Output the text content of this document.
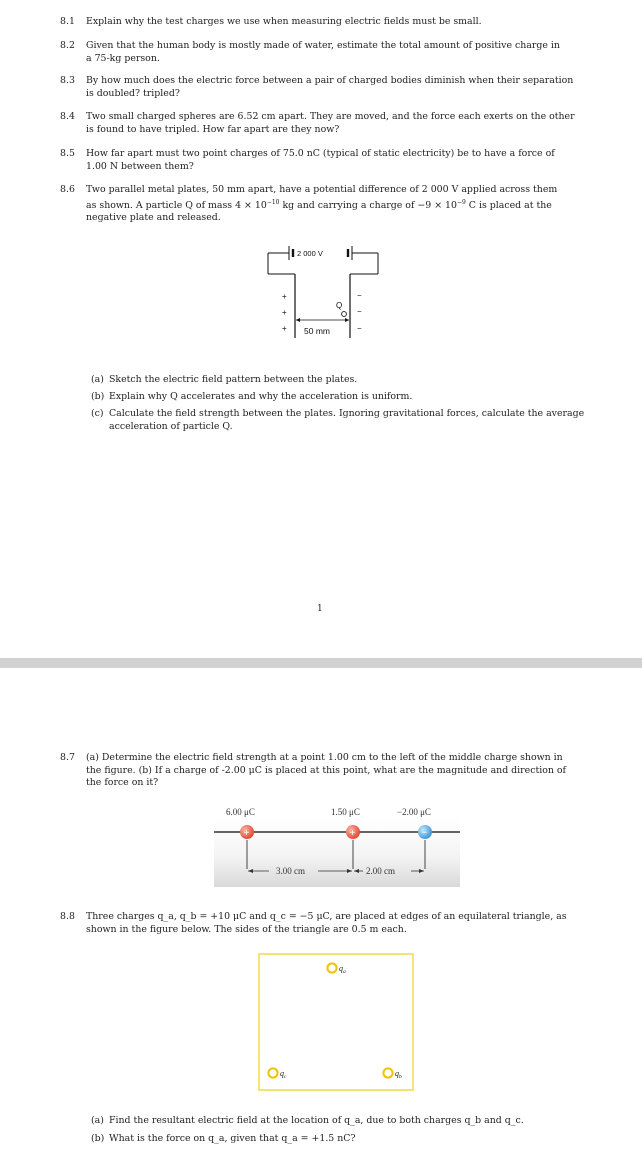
8.1 Explain why the test charges we use when measuring electric fields must be small.
8.2 Given that the human body is mostly made of water, estimate the total amount of positive charge in
a 75-kg person.
8.3 By how much does the electric force between a pair of charged bodies diminish when their separation
is doubled? tripled?
8.4 Two small charged spheres are 6.52 cm apart. They are moved, and the force each exerts on the other
is found to have tripled. How far apart are they now?
8.5 How far apart must two point charges of 75.0 nC (typical of static electricity) be to have a force of
1.00 N between them?
8.6 Two parallel metal plates, 50 mm apart, have a potential difference of 2 000 V applied across them
as shown. A particle Q of mass $4 \times 10^{-10}$ kg and carrying a charge of $-9 \times 10^{-9}$ C is placed at the
negative plate and released.
2 000 V
+
+
+
−
−
−
Q
50 mm
(a) Sketch the electric field pattern between the plates.
(b) Explain why Q accelerates and why the acceleration is uniform.
(c) Calculate the field strength between the plates. Ignoring gravitational forces, calculate the average
acceleration of particle Q.
1
8.7 (a) Determine the electric field strength at a point 1.00 cm to the left of the middle charge shown in
the figure. (b) If a charge of -2.00 μC is placed at this point, what are the magnitude and direction of
the force on it?
6.00 μC	1.50 μC	−2.00 μC
+	+	−
3.00 cm	2.00 cm
8.8 Three charges q_a, q_b = +10 μC and q_c = −5 μC, are placed at edges of an equilateral triangle, as
shown in the figure below. The sides of the triangle are 0.5 m each.
$q_a$
$q_c$	$q_b$
(a) Find the resultant electric field at the location of q_a, due to both charges q_b and q_c.
(b) What is the force on q_a, given that q_a = +1.5 nC?
